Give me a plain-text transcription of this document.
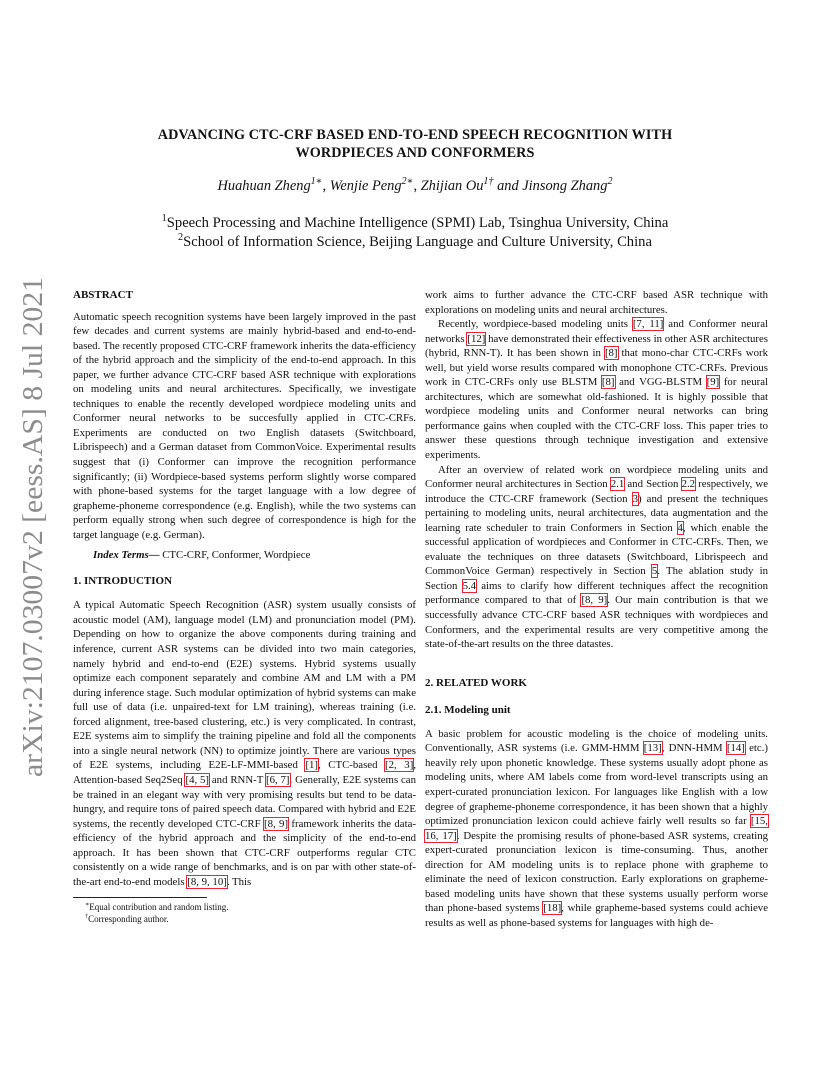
arXiv:2107.03007v2 [eess.AS] 8 Jul 2021
ADVANCING CTC-CRF BASED END-TO-END SPEECH RECOGNITION WITH
WORDPIECES AND CONFORMERS
Huahuan Zheng$^{1∗}$, Wenjie Peng$^{2∗}$, Zhijian $Ou^{1\dagger}$ and Jinsong Zhang$^2$
$^1$Speech Processing and Machine Intelligence (SPMI) Lab, Tsinghua University, China
$^2$School of Information Science, Beijing Language and Culture University, China

ABSTRACT

Automatic speech recognition systems have been largely improved in the past few decades and current systems are mainly hybrid-based and end-to-end-based. The recently proposed CTC-CRF framework inherits the data-efficiency of the hybrid approach and the simplicity of the end-to-end approach. In this paper, we further advance CTC-CRF based ASR technique with explorations on modeling units and neural architectures. Specifically, we investigate techniques to enable the recently developed wordpiece modeling units and Conformer neural networks to be succesfully applied in CTC-CRFs. Experiments are conducted on two English datasets (Switchboard, Librispeech) and a German dataset from CommonVoice. Experimental results suggest that (i) Conformer can improve the recognition performance significantly; (ii) Wordpiece-based systems perform slightly worse compared with phone-based systems for the target language with a low degree of grapheme-phoneme correspondence (e.g. English), while the two systems can perform equally strong when such degree of correspondence is high for the target language (e.g. German).

Index Terms— CTC-CRF, Conformer, Wordpiece

1. INTRODUCTION

A typical Automatic Speech Recognition (ASR) system usually consists of acoustic model (AM), language model (LM) and pronunciation model (PM). Depending on how to organize the above components during training and inference, current ASR systems can be divided into two main categories, namely hybrid and end-to-end (E2E) systems. Hybrid systems usually optimize each component separately and combine AM and LM with a PM during inference stage. Such modular optimization of hybrid systems can make full use of data (i.e. unpaired-text for LM training), whereas training (i.e. forced alignment, tree-based clustering, etc.) is very complicated. In contrast, E2E systems aim to simplify the training pipeline and fold all the components into a single neural network (NN) to optimize jointly. There are various types of E2E systems, including E2E-LF-MMI-based [1], CTC-based [2, 3], Attention-based Seq2Seq [4, 5] and RNN-T [6, 7]. Generally, E2E systems can be trained in an elegant way with very promising results but tend to be data-hungry, and require tons of paired speech data. Compared with hybrid and E2E systems, the recently developed CTC-CRF [8, 9] framework inherits the data-efficiency of the hybrid approach and the simplicity of the end-to-end approach. It has been shown that CTC-CRF outperforms regular CTC consistently on a wide range of benchmarks, and is on par with other state-of-the-art end-to-end models [8, 9, 10]. This

∗Equal contribution and random listing.

†Corresponding author.

work aims to further advance the CTC-CRF based ASR technique with explorations on modeling units and neural architectures.

Recently, wordpiece-based modeling units [7, 11] and Conformer neural networks [12] have demonstrated their effectiveness in other ASR architectures (hybrid, RNN-T). It has been shown in [8] that mono-char CTC-CRFs work well, but yield worse results compared with monophone CTC-CRFs. Previous work in CTC-CRFs only use BLSTM [8] and VGG-BLSTM [9] for neural architectures, which are somewhat old-fashioned. It is highly possible that wordpiece modeling units and Conformer neural networks can bring performance gains when coupled with the CTC-CRF loss. This paper tries to answer these questions through technique investigation and extensive experiments.

After an overview of related work on wordpiece modeling units and Conformer neural architectures in Section 2.1 and Section 2.2 respectively, we introduce the CTC-CRF framework (Section 3) and present the techniques pertaining to modeling units, neural architectures, data augmentation and the learning rate scheduler to train Conformers in Section 4, which enable the successful application of wordpieces and Conformer in CTC-CRFs. Then, we evaluate the techniques on three datasets (Switchboard, Librispeech and CommonVoice German) respectively in Section 5. The ablation study in Section 5.4 aims to clarify how different techniques affect the recognition performance compared to that of [8, 9]. Our main contribution is that we successfully advance CTC-CRF based ASR techniques with wordpieces and Conformers, and the experimental results are very competitive among the state-of-the-art results on the three datastes.

2. RELATED WORK

2.1. Modeling unit

A basic problem for acoustic modeling is the choice of modeling units. Conventionally, ASR systems (i.e. GMM-HMM [13], DNN-HMM [14] etc.) heavily rely upon phonetic knowledge. These systems usually adopt phone as modeling units, where AM labels come from word-level transcripts using an expert-curated pronunciation lexicon. For languages like English with a low degree of grapheme-phoneme correspondence, it has been shown that a highly optimized pronunciation lexicon could achieve fairly well results so far [15, 16, 17]. Despite the promising results of phone-based ASR systems, creating expert-curated pronunciation lexicon is time-consuming. Thus, another direction for AM modeling units is to replace phone with grapheme to eliminate the need of lexicon construction. Early explorations on grapheme-based modeling units have shown that these systems usually perform worse than phone-based systems [18], while grapheme-based systems could achieve results as well as phone-based systems for languages with high de-
